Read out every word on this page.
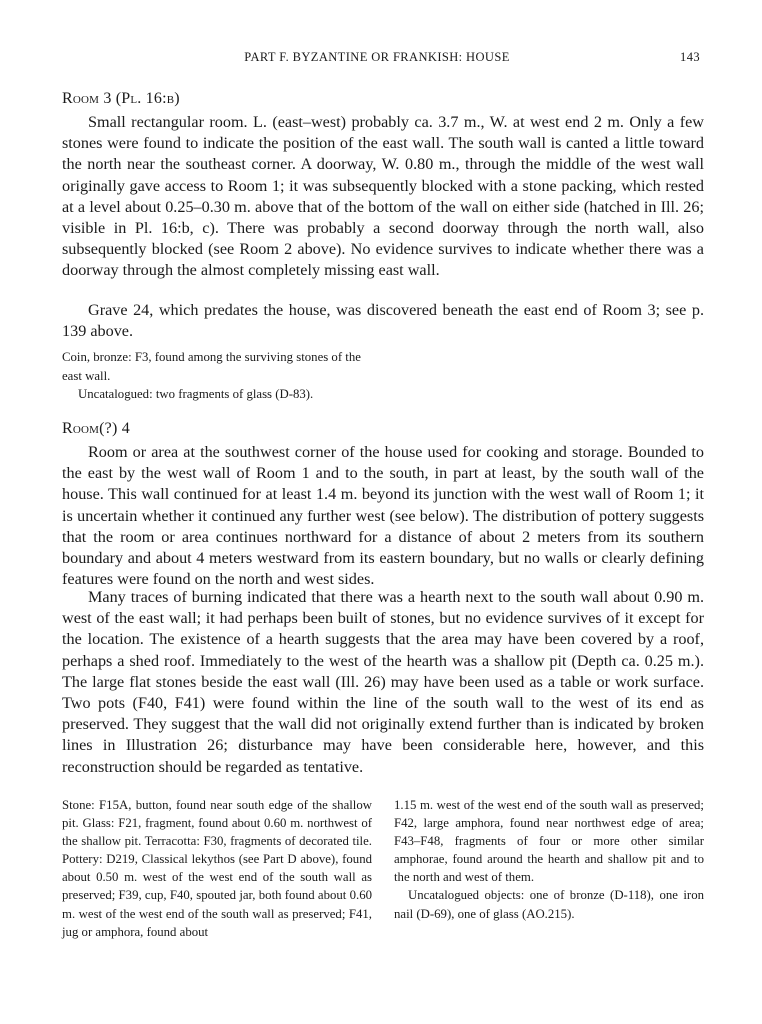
PART F. BYZANTINE OR FRANKISH: HOUSE	143
Room 3 (Pl. 16:b)

Small rectangular room. L. (east–west) probably ca. 3.7 m., W. at west end 2 m. Only a few stones were found to indicate the position of the east wall. The south wall is canted a little toward the north near the southeast corner. A doorway, W. 0.80 m., through the middle of the west wall originally gave access to Room 1; it was subsequently blocked with a stone packing, which rested at a level about 0.25–0.30 m. above that of the bottom of the wall on either side (hatched in Ill. 26; visible in Pl. 16:b, c). There was probably a second doorway through the north wall, also subsequently blocked (see Room 2 above). No evidence survives to indicate whether there was a doorway through the almost completely missing east wall.

Grave 24, which predates the house, was discovered beneath the east end of Room 3; see p. 139 above.

Coin, bronze: F3, found among the surviving stones of the east wall.

Uncatalogued: two fragments of glass (D-83).

Room(?) 4

Room or area at the southwest corner of the house used for cooking and storage. Bounded to the east by the west wall of Room 1 and to the south, in part at least, by the south wall of the house. This wall continued for at least 1.4 m. beyond its junction with the west wall of Room 1; it is uncertain whether it continued any further west (see below). The distribution of pottery suggests that the room or area continues northward for a distance of about 2 meters from its southern boundary and about 4 meters westward from its eastern boundary, but no walls or clearly defining features were found on the north and west sides.

Many traces of burning indicated that there was a hearth next to the south wall about 0.90 m. west of the east wall; it had perhaps been built of stones, but no evidence survives of it except for the location. The existence of a hearth suggests that the area may have been covered by a roof, perhaps a shed roof. Immediately to the west of the hearth was a shallow pit (Depth ca. 0.25 m.). The large flat stones beside the east wall (Ill. 26) may have been used as a table or work surface. Two pots (F40, F41) were found within the line of the south wall to the west of its end as preserved. They suggest that the wall did not originally extend further than is indicated by broken lines in Illustration 26; disturbance may have been considerable here, however, and this reconstruction should be regarded as tentative.

Stone: F15A, button, found near south edge of the shallow pit. Glass: F21, fragment, found about 0.60 m. northwest of the shallow pit. Terracotta: F30, fragments of decorated tile. Pottery: D219, Classical lekythos (see Part D above), found about 0.50 m. west of the west end of the south wall as preserved; F39, cup, F40, spouted jar, both found about 0.60 m. west of the west end of the south wall as preserved; F41, jug or amphora, found about

1.15 m. west of the west end of the south wall as preserved; F42, large amphora, found near northwest edge of area; F43–F48, fragments of four or more other similar amphorae, found around the hearth and shallow pit and to the north and west of them.

Uncatalogued objects: one of bronze (D-118), one iron nail (D-69), one of glass (AO.215).
